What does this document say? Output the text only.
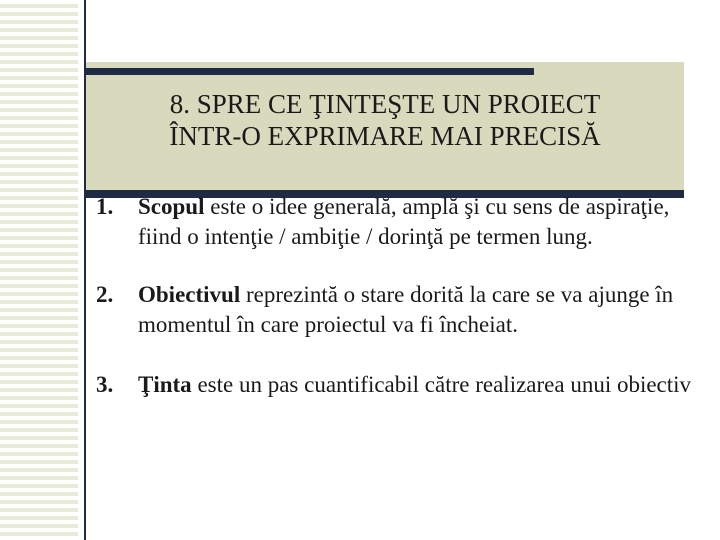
8. SPRE CE ŢINTEŞTE UN PROIECT
ÎNTR-O EXPRIMARE MAI PRECISĂ
1. Scopul este o idee generală, amplă şi cu sens de aspiraţie, fiind o intenţie / ambiţie / dorinţă pe termen lung.
2. Obiectivul reprezintă o stare dorită la care se va ajunge în momentul în care proiectul va fi încheiat.
3. Ţinta este un pas cuantificabil către realizarea unui obiectiv
